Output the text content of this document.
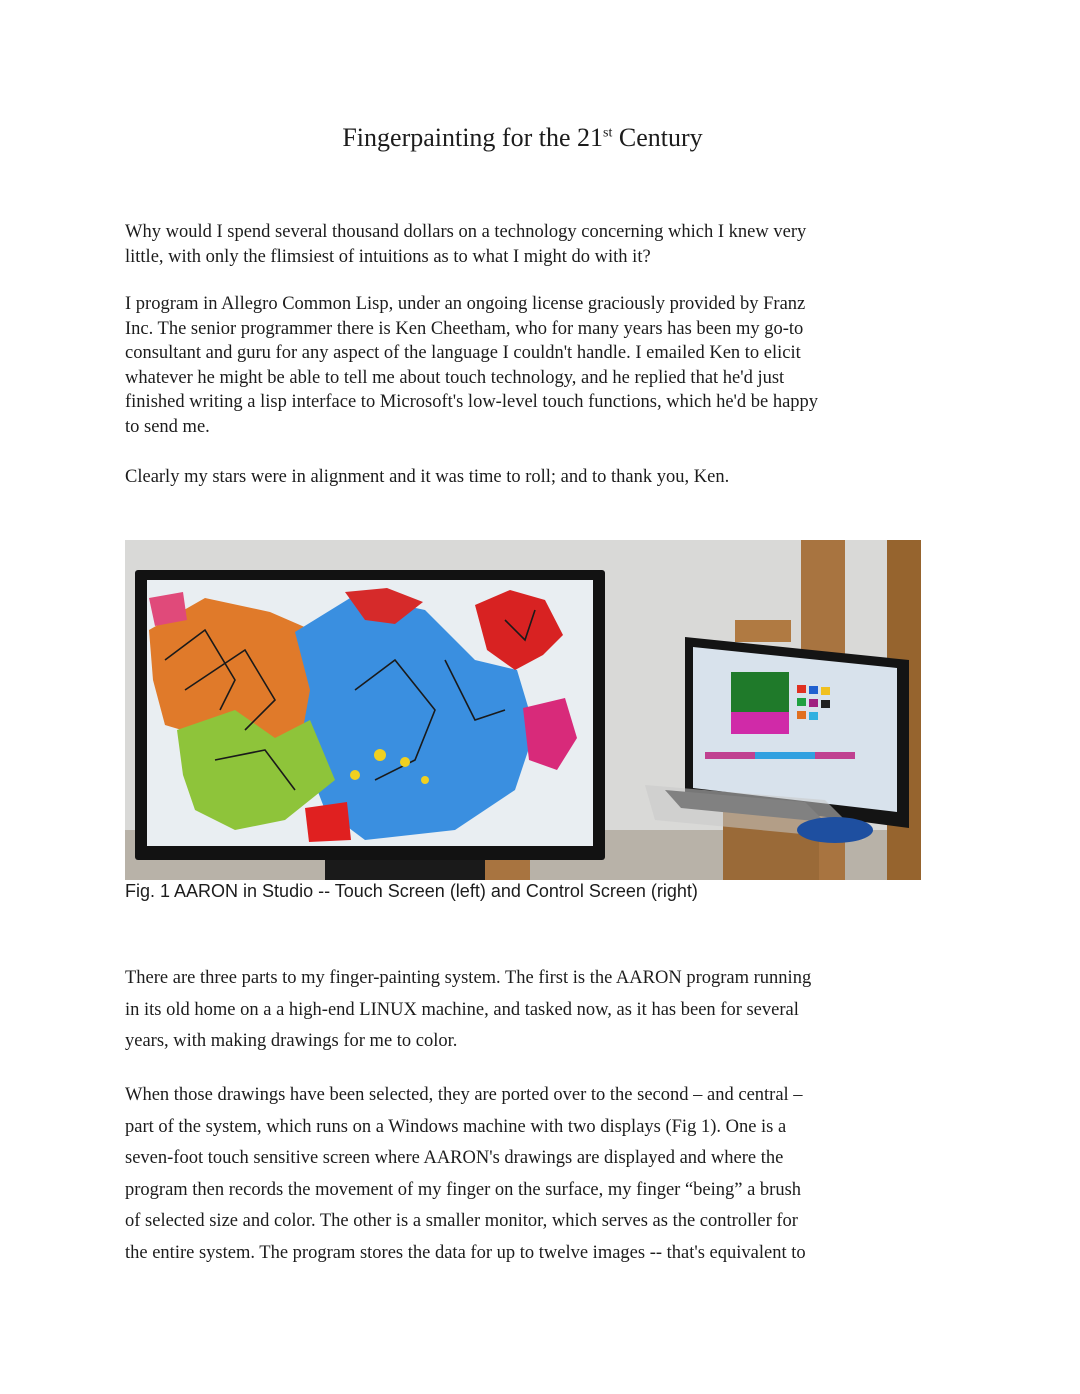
Fingerpainting for the 21st Century
Why would I spend several thousand dollars on a technology concerning which I knew very
little, with only the flimsiest of intuitions as to what I might do with it?
I program in Allegro Common Lisp, under an ongoing license graciously provided by Franz
Inc. The senior programmer there is Ken Cheetham, who for many years has been my go-to
consultant and guru for any aspect of the language I couldn't handle. I emailed Ken to elicit
whatever he might be able to tell me about touch technology, and he replied that he'd just
finished writing a lisp interface to Microsoft's low-level touch functions, which he'd be happy
to send me.
Clearly my stars were in alignment and it was time to roll; and to thank you, Ken.
Fig. 1 AARON in Studio -- Touch Screen (left) and Control Screen (right)
There are three parts to my finger-painting system. The first is the AARON program running
in its old home on a a high-end LINUX machine, and tasked now, as it has been for several
years, with making drawings for me to color.
When those drawings have been selected, they are ported over to the second – and central –
part of the system, which runs on a Windows machine with two displays (Fig 1). One is a
seven-foot touch sensitive screen where AARON's drawings are displayed and where the
program then records the movement of my finger on the surface, my finger “being” a brush
of selected size and color. The other is a smaller monitor, which serves as the controller for
the entire system. The program stores the data for up to twelve images -- that's equivalent to
